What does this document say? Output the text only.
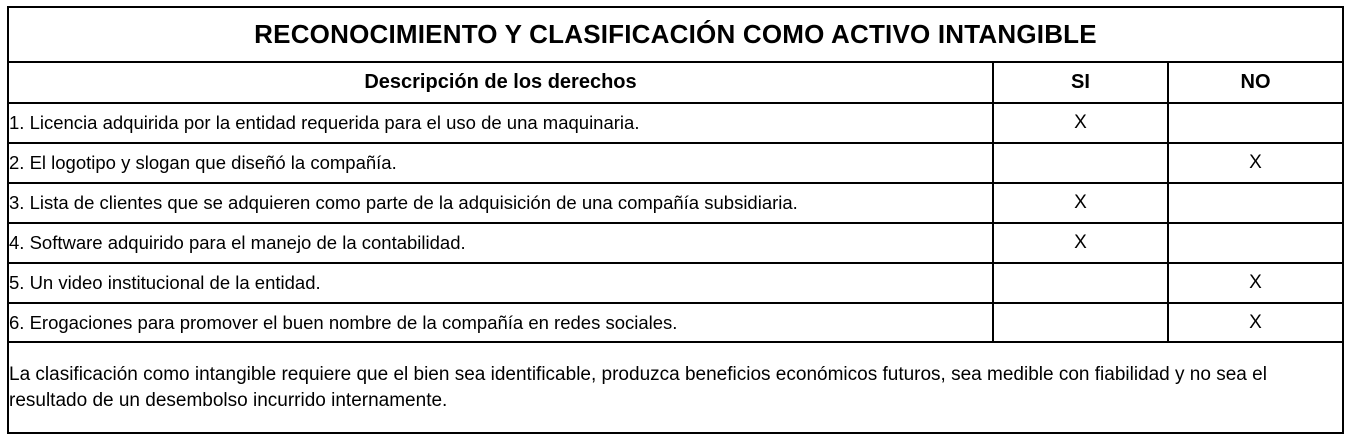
RECONOCIMIENTO Y CLASIFICACIÓN COMO ACTIVO INTANGIBLE		
Descripción de los derechos	SI	NO
1. Licencia adquirida por la entidad requerida para el uso de una maquinaria.	X	
2. El logotipo y slogan que diseñó la compañía.		X
3. Lista de clientes que se adquieren como parte de la adquisición de una compañía subsidiaria.	X	
4. Software adquirido para el manejo de la contabilidad.	X	
5. Un video institucional de la entidad.		X
6. Erogaciones para promover el buen nombre de la compañía en redes sociales.		X
La clasificación como intangible requiere que el bien sea identificable, produzca beneficios económicos futuros, sea medible con fiabilidad y no sea el resultado de un desembolso incurrido internamente.		
